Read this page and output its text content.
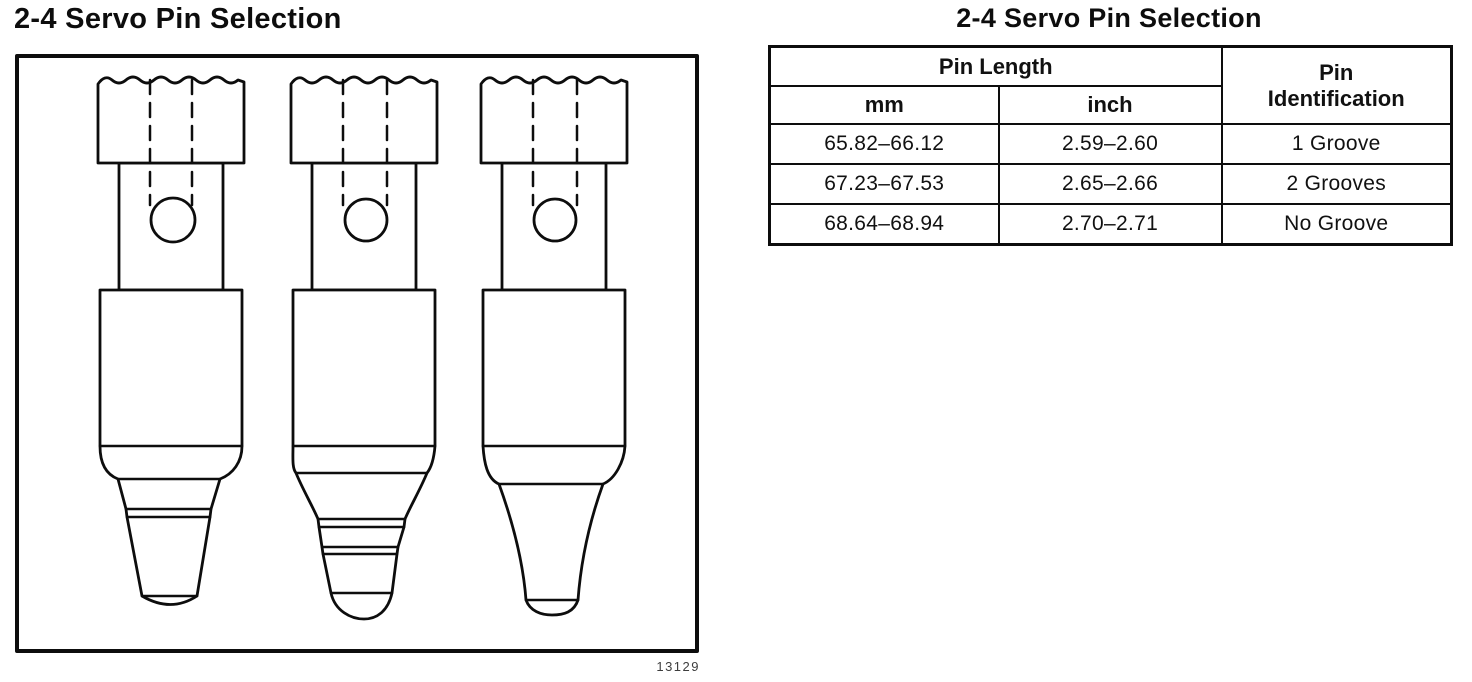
2-4 Servo Pin Selection
13129
2-4 Servo Pin Selection
Pin Length		Pin Identification

mm	inch	
65.82–66.12	2.59–2.60	1 Groove
67.23–67.53	2.65–2.66	2 Grooves
68.64–68.94	2.70–2.71	No Groove
